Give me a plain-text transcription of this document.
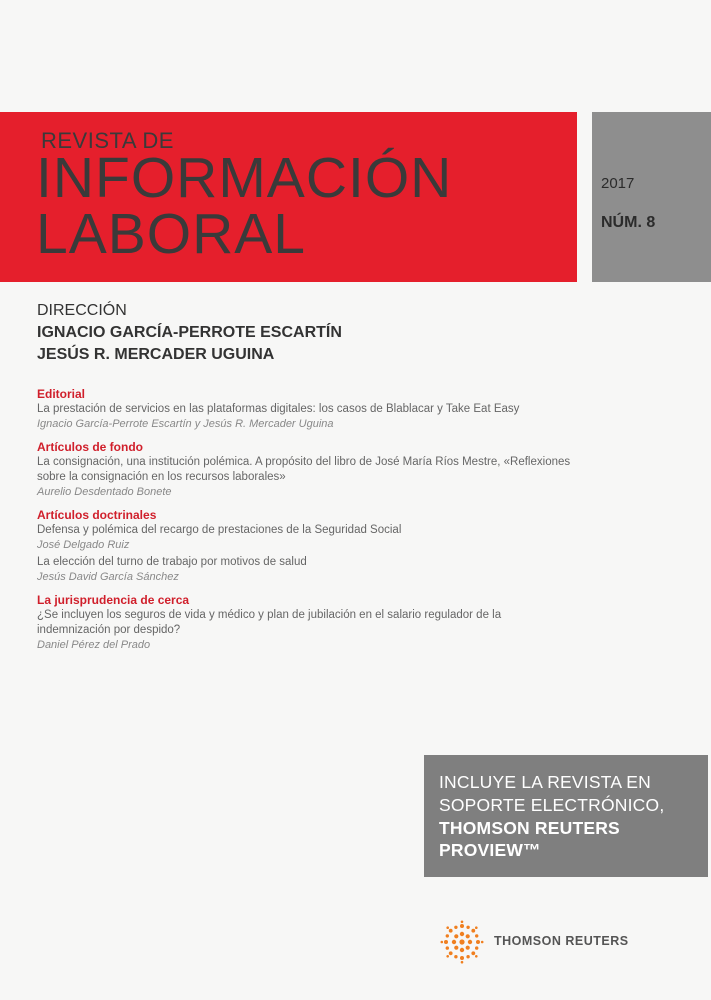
REVISTA DE
INFORMACIÓN
LABORAL
2017
NÚM. 8
DIRECCIÓN
IGNACIO GARCÍA-PERROTE ESCARTÍN
JESÚS R. MERCADER UGUINA
Editorial
La prestación de servicios en las plataformas digitales: los casos de Blablacar y Take Eat Easy
Ignacio García-Perrote Escartín y Jesús R. Mercader Uguina
Artículos de fondo
La consignación, una institución polémica. A propósito del libro de José María Ríos Mestre, «Reflexiones sobre la consignación en los recursos laborales»
Aurelio Desdentado Bonete
Artículos doctrinales
Defensa y polémica del recargo de prestaciones de la Seguridad Social
José Delgado Ruiz
La elección del turno de trabajo por motivos de salud
Jesús David García Sánchez
La jurisprudencia de cerca
¿Se incluyen los seguros de vida y médico y plan de jubilación en el salario regulador de la indemnización por despido?
Daniel Pérez del Prado
INCLUYE LA REVISTA EN
SOPORTE ELECTRÓNICO,
THOMSON REUTERS
PROVIEW™
THOMSON REUTERS
